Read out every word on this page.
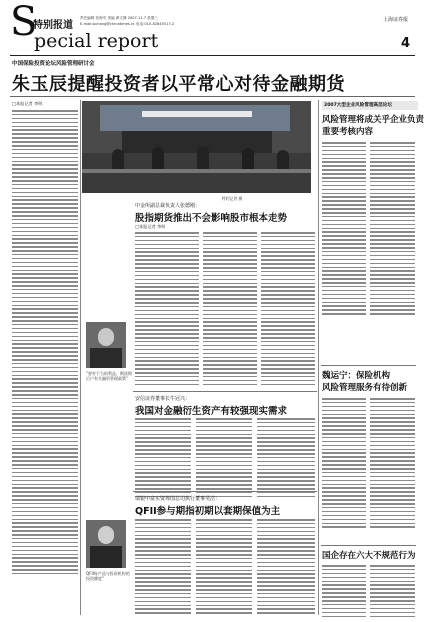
S
特别报道
pecial report
责任编辑 张海安 美编 黄文静 2007.11.7 星期三
E-mail:sichang@chinatimes.cc 电话:010-82845517-2
上海证券报
4
中国保险投资论坛风险管理研讨会
朱玉辰提醒投资者以平常心对待金融期货
特约记者 摄
□本报记者 李明
"要对不当的利益、期货期后户有关融资管理政策"
QFII每产品与投资机构的投资额度"
中金所副总裁负责人张德刚：
股指期货推出不会影响股市根本走势
□本报记者 李明
安信证券董事长牛冠兴：
我国对金融衍生资产有较强现实需求
瑞银中富实资筹国总司执行董事吴洁：
QFII参与期指初期以套期保值为主
2007大型企业风险管理高层论坛
风险管理将成关乎企业负责
重要考核内容
魏运宁：保险机构
风险管理服务有待创新
国企存在六大不规范行为
